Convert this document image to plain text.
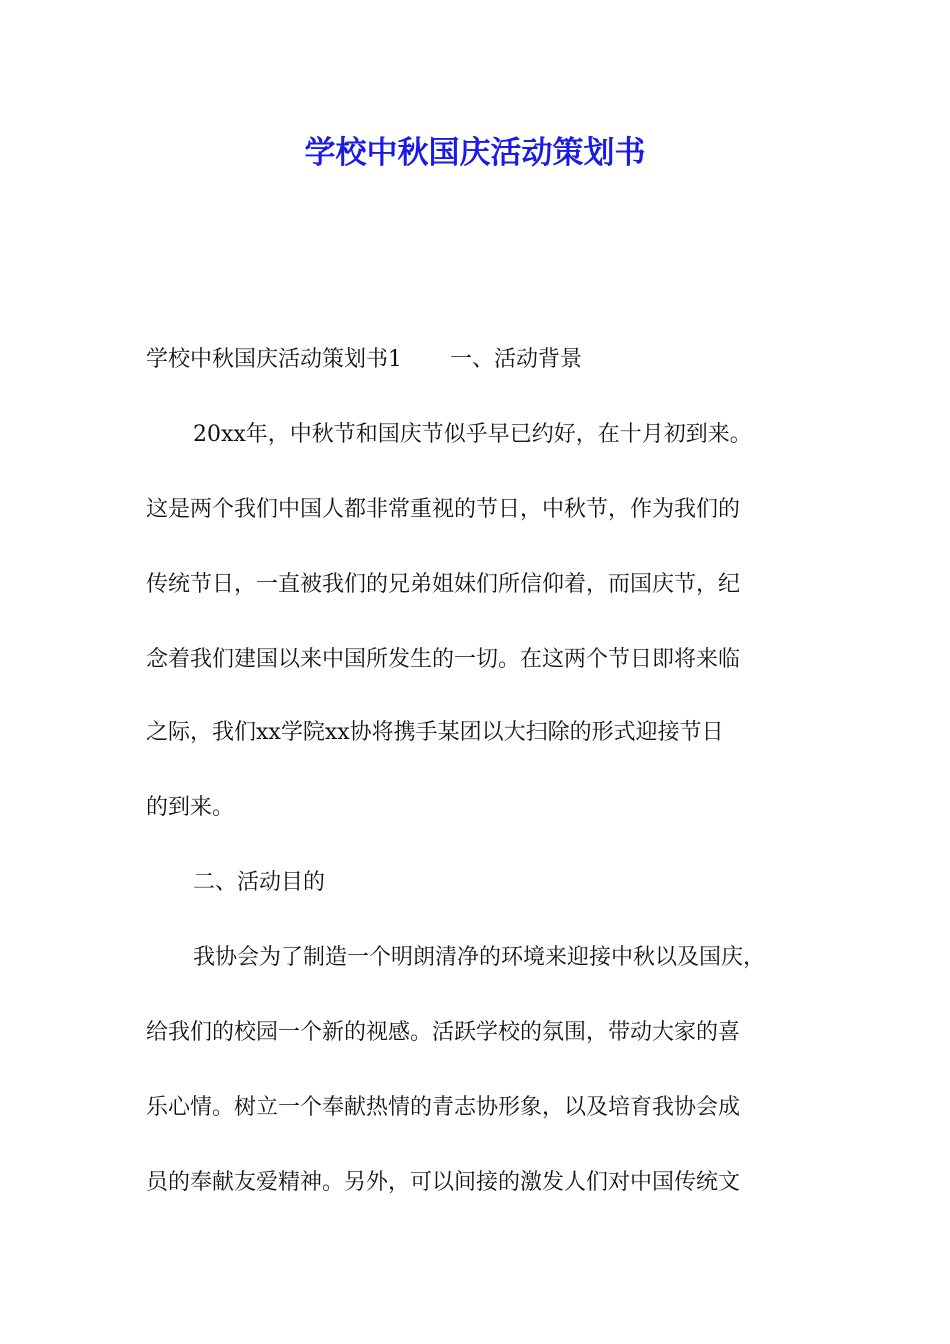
学校中秋国庆活动策划书

学校中秋国庆活动策划书1 一、活动背景

20xx年，中秋节和国庆节似乎早已约好，在十月初到来。

这是两个我们中国人都非常重视的节日，中秋节，作为我们的

传统节日，一直被我们的兄弟姐妹们所信仰着，而国庆节，纪

念着我们建国以来中国所发生的一切。在这两个节日即将来临

之际，我们xx学院xx协将携手某团以大扫除的形式迎接节日

的到来。

二、活动目的

我协会为了制造一个明朗清净的环境来迎接中秋以及国庆，

给我们的校园一个新的视感。活跃学校的氛围，带动大家的喜

乐心情。树立一个奉献热情的青志协形象，以及培育我协会成

员的奉献友爱精神。另外，可以间接的激发人们对中国传统文
